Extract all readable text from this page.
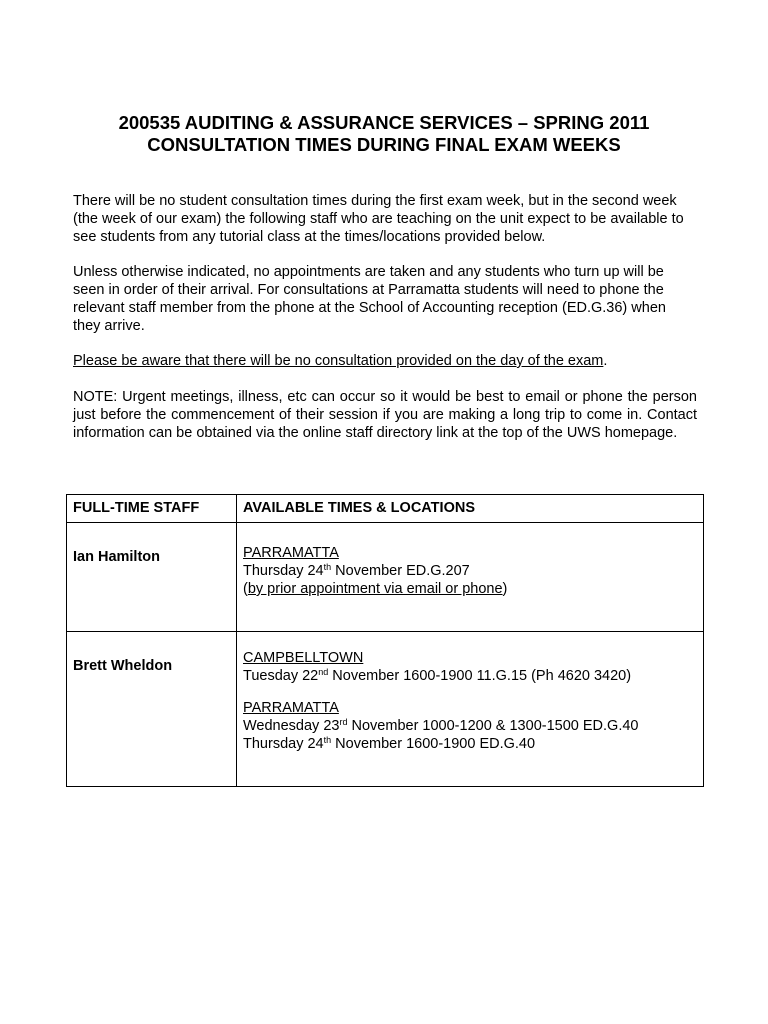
200535 AUDITING & ASSURANCE SERVICES – SPRING 2011
CONSULTATION TIMES DURING FINAL EXAM WEEKS

There will be no student consultation times during the first exam week, but in the second week (the week of our exam) the following staff who are teaching on the unit expect to be available to see students from any tutorial class at the times/locations provided below.

Unless otherwise indicated, no appointments are taken and any students who turn up will be seen in order of their arrival. For consultations at Parramatta students will need to phone the relevant staff member from the phone at the School of Accounting reception (ED.G.36) when they arrive.

Please be aware that there will be no consultation provided on the day of the exam.

NOTE: Urgent meetings, illness, etc can occur so it would be best to email or phone the person just before the commencement of their session if you are making a long trip to come in. Contact information can be obtained via the online staff directory link at the top of the UWS homepage.

FULL-TIME STAFF	AVAILABLE TIMES & LOCATIONS

Ian Hamilton	PARRAMATTA
Thursday 24th November ED.G.207
(by prior appointment via email or phone)

Brett Wheldon	CAMPBELLTOWN
Tuesday 22nd November 1600-1900 11.G.15 (Ph 4620 3420)
PARRAMATTA
Wednesday 23rd November 1000-1200 & 1300-1500 ED.G.40
Thursday 24th November 1600-1900 ED.G.40
